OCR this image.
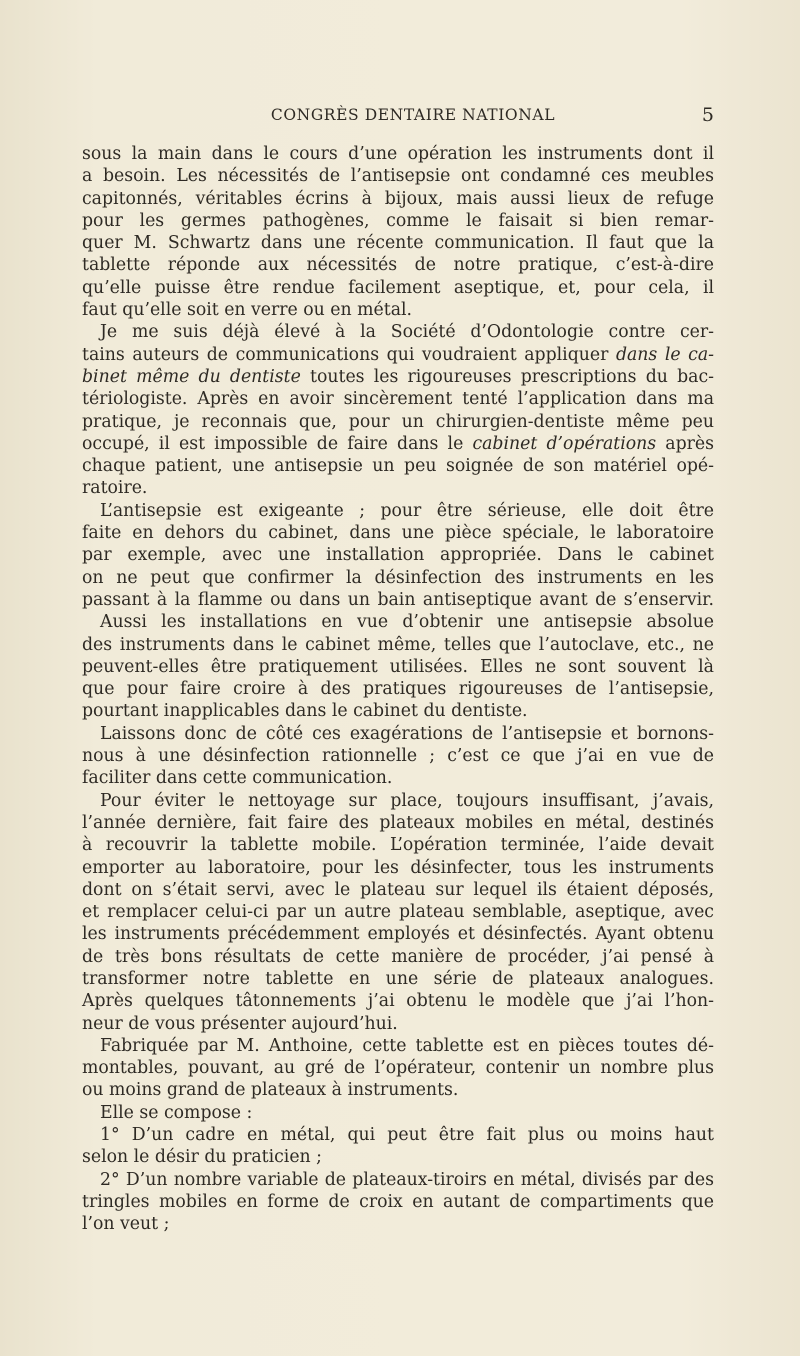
CONGRÈS DENTAIRE NATIONAL	5
sous la main dans le cours d’une opération les instruments dont il
a besoin. Les nécessités de l’antisepsie ont condamné ces meubles
capitonnés, véritables écrins à bijoux, mais aussi lieux de refuge
pour les germes pathogènes, comme le faisait si bien remar-
quer M. Schwartz dans une récente communication. Il faut que la
tablette réponde aux nécessités de notre pratique, c’est-à-dire
qu’elle puisse être rendue facilement aseptique, et, pour cela, il
faut qu’elle soit en verre ou en métal.
Je me suis déjà élevé à la Société d’Odontologie contre cer-
tains auteurs de communications qui voudraient appliquer dans le ca-
binet même du dentiste toutes les rigoureuses prescriptions du bac-
tériologiste. Après en avoir sincèrement tenté l’application dans ma
pratique, je reconnais que, pour un chirurgien-dentiste même peu
occupé, il est impossible de faire dans le cabinet d’opérations après
chaque patient, une antisepsie un peu soignée de son matériel opé-
ratoire.
L’antisepsie est exigeante ; pour être sérieuse, elle doit être
faite en dehors du cabinet, dans une pièce spéciale, le laboratoire
par exemple, avec une installation appropriée. Dans le cabinet
on ne peut que confirmer la désinfection des instruments en les
passant à la flamme ou dans un bain antiseptique avant de s’enservir.
Aussi les installations en vue d’obtenir une antisepsie absolue
des instruments dans le cabinet même, telles que l’autoclave, etc., ne
peuvent-elles être pratiquement utilisées. Elles ne sont souvent là
que pour faire croire à des pratiques rigoureuses de l’antisepsie,
pourtant inapplicables dans le cabinet du dentiste.
Laissons donc de côté ces exagérations de l’antisepsie et bornons-
nous à une désinfection rationnelle ; c’est ce que j’ai en vue de
faciliter dans cette communication.
Pour éviter le nettoyage sur place, toujours insuffisant, j’avais,
l’année dernière, fait faire des plateaux mobiles en métal, destinés
à recouvrir la tablette mobile. L’opération terminée, l’aide devait
emporter au laboratoire, pour les désinfecter, tous les instruments
dont on s’était servi, avec le plateau sur lequel ils étaient déposés,
et remplacer celui-ci par un autre plateau semblable, aseptique, avec
les instruments précédemment employés et désinfectés. Ayant obtenu
de très bons résultats de cette manière de procéder, j’ai pensé à
transformer notre tablette en une série de plateaux analogues.
Après quelques tâtonnements j’ai obtenu le modèle que j’ai l’hon-
neur de vous présenter aujourd’hui.
Fabriquée par M. Anthoine, cette tablette est en pièces toutes dé-
montables, pouvant, au gré de l’opérateur, contenir un nombre plus
ou moins grand de plateaux à instruments.
Elle se compose :
1° D’un cadre en métal, qui peut être fait plus ou moins haut
selon le désir du praticien ;
2° D’un nombre variable de plateaux-tiroirs en métal, divisés par des
tringles mobiles en forme de croix en autant de compartiments que
l’on veut ;
